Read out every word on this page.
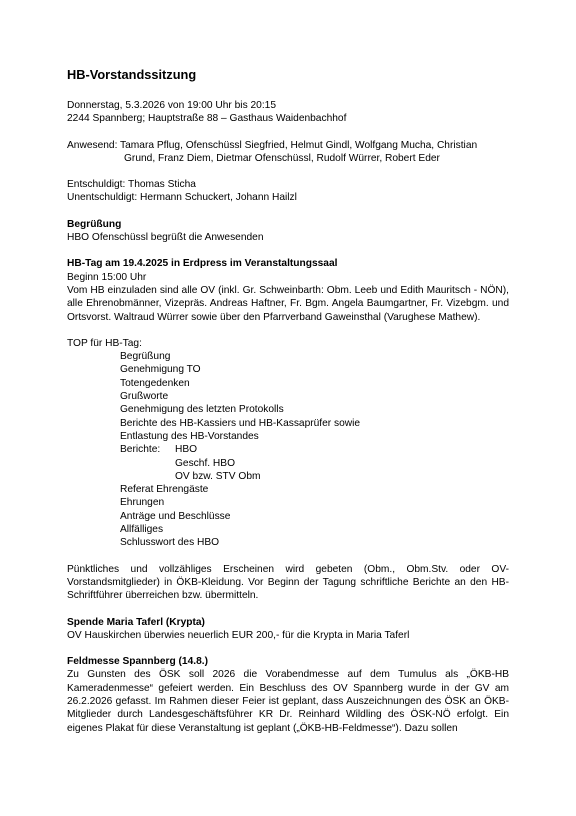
HB-Vorstandssitzung
Donnerstag, 5.3.2026 von 19:00 Uhr bis 20:15
2244 Spannberg; Hauptstraße 88 – Gasthaus Waidenbachhof
Anwesend: Tamara Pflug, Ofenschüssl Siegfried, Helmut Gindl, Wolfgang Mucha, Christian Grund, Franz Diem, Dietmar Ofenschüssl, Rudolf Würrer, Robert Eder
Entschuldigt: Thomas Sticha
Unentschuldigt: Hermann Schuckert, Johann Hailzl
Begrüßung
HBO Ofenschüssl begrüßt die Anwesenden
HB-Tag am 19.4.2025 in Erdpress im Veranstaltungssaal
Beginn 15:00 Uhr
Vom HB einzuladen sind alle OV (inkl. Gr. Schweinbarth: Obm. Leeb und Edith Mauritsch - NÖN), alle Ehrenobmänner, Vizepräs. Andreas Haftner, Fr. Bgm. Angela Baumgartner, Fr. Vizebgm. und Ortsvorst. Waltraud Würrer sowie über den Pfarrverband Gaweinsthal (Varughese Mathew).
TOP für HB-Tag:
Begrüßung
Genehmigung TO
Totengedenken
Grußworte
Genehmigung des letzten Protokolls
Berichte des HB-Kassiers und HB-Kassaprüfer sowie
Entlastung des HB-Vorstandes
Berichte:	HBO
Geschf. HBO
OV bzw. STV Obm
Referat Ehrengäste
Ehrungen
Anträge und Beschlüsse
Allfälliges
Schlusswort des HBO
Pünktliches und vollzähliges Erscheinen wird gebeten (Obm., Obm.Stv. oder OV-Vorstandsmitglieder) in ÖKB-Kleidung. Vor Beginn der Tagung schriftliche Berichte an den HB-Schriftführer überreichen bzw. übermitteln.
Spende Maria Taferl (Krypta)
OV Hauskirchen überwies neuerlich EUR 200,- für die Krypta in Maria Taferl
Feldmesse Spannberg (14.8.)
Zu Gunsten des ÖSK soll 2026 die Vorabendmesse auf dem Tumulus als „ÖKB-HB Kameradenmesse“ gefeiert werden. Ein Beschluss des OV Spannberg wurde in der GV am 26.2.2026 gefasst. Im Rahmen dieser Feier ist geplant, dass Auszeichnungen des ÖSK an ÖKB-Mitglieder durch Landesgeschäftsführer KR Dr. Reinhard Wildling des ÖSK-NÖ erfolgt. Ein eigenes Plakat für diese Veranstaltung ist geplant („ÖKB-HB-Feldmesse“). Dazu sollen
